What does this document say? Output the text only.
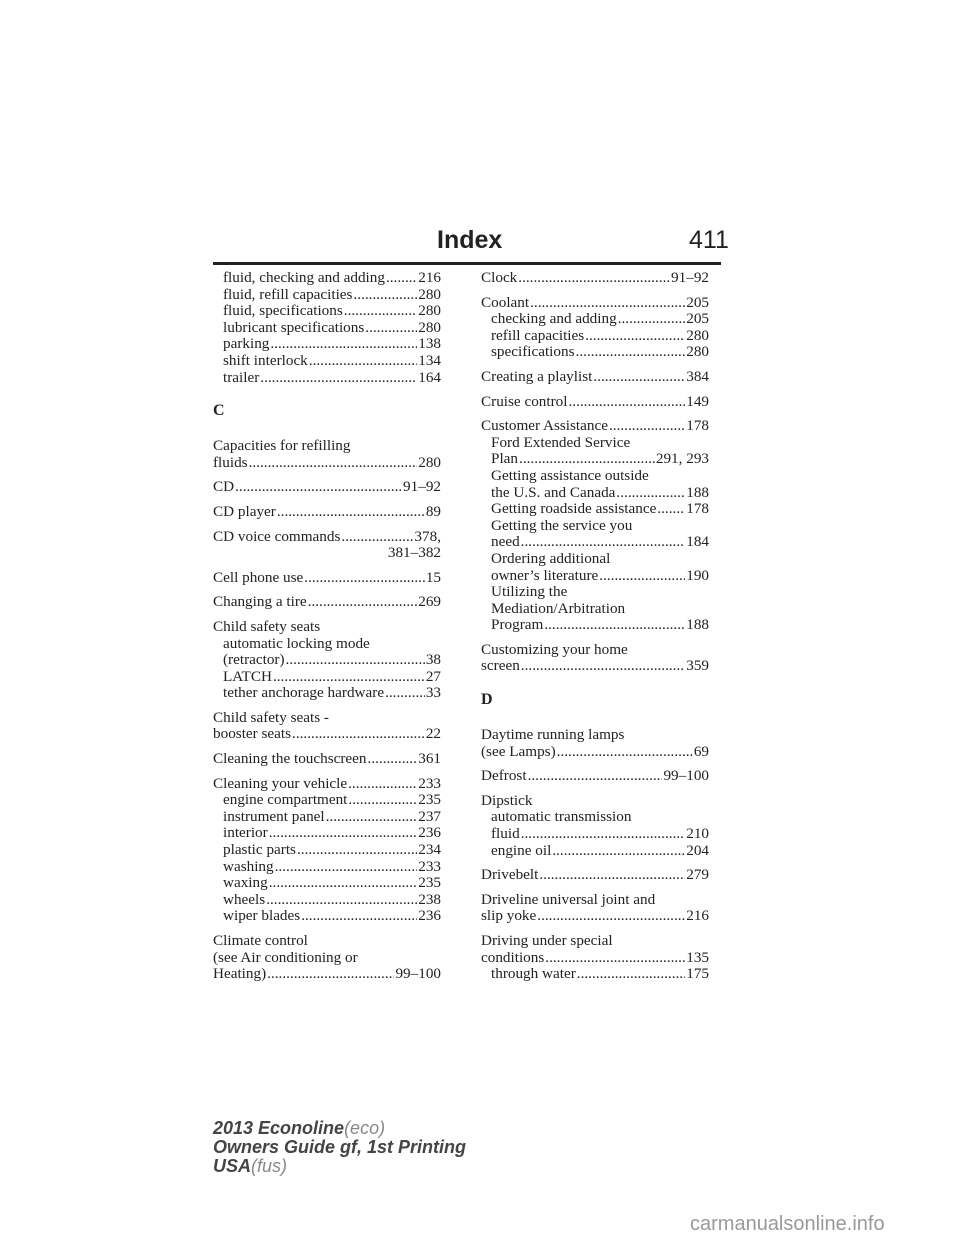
Index	411
fluid, checking and adding ..... 216
fluid, refill capacities .....	280
fluid, specifications .....	280
lubricant specifications .....	280
parking .....	138
shift interlock .....	134
trailer .....	164
C
Capacities for refilling
fluids .....	280
CD .....	91–92
CD player .....	89
CD voice commands .....	378,
381–382
Cell phone use .....	15
Changing a tire .....	269
Child safety seats
automatic locking mode
(retractor) .....	38
LATCH .....	27
tether anchorage hardware .....	33
Child safety seats -
booster seats .....	22
Cleaning the touchscreen .....	361
Cleaning your vehicle .....	233
engine compartment .....	235
instrument panel .....	237
interior .....	236
plastic parts .....	234
washing .....	233
waxing .....	235
wheels .....	238
wiper blades .....	236
Climate control
(see Air conditioning or
Heating) .....	99–100
Clock .....	91–92
Coolant .....	205
checking and adding .....	205
refill capacities .....	280
specifications .....	280
Creating a playlist .....	384
Cruise control .....	149
Customer Assistance .....	178
Ford Extended Service
Plan .....	291, 293
Getting assistance outside
the U.S. and Canada .....	188
Getting roadside assistance ..... 178
Getting the service you
need .....	184
Ordering additional
owner’s literature .....	190
Utilizing the
Mediation/Arbitration
Program .....	188
Customizing your home
screen .....	359
D
Daytime running lamps
(see Lamps) .....	69
Defrost .....	99–100
Dipstick
automatic transmission
fluid .....	210
engine oil .....	204
Drivebelt .....	279
Driveline universal joint and
slip yoke .....	216
Driving under special
conditions .....	135
through water .....	175
2013 Econoline(eco)
Owners Guide gf, 1st Printing
USA(fus)
carmanualsonline.info
